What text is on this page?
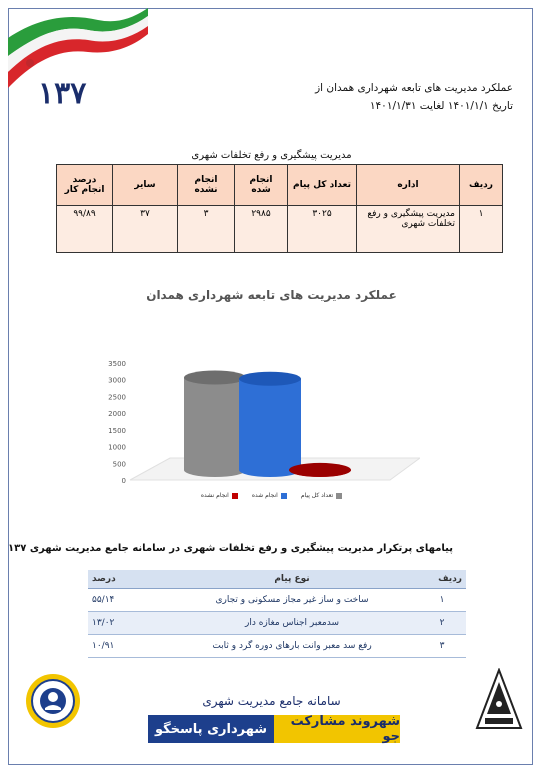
۱۳۷	عملکرد مدیریت های تابعه شهرداری همدان از
تاریخ ۱۴۰۱/۱/۱ لغایت ۱۴۰۱/۱/۳۱
مدیریت پیشگیری و رفع تخلفات شهری
ردیف	اداره	تعداد کل پیام	انجام شده	انجام نشده	سایر	درصد انجام کار
۱	مدیریت پیشگیری و رفع تخلفات شهری	۳۰۲۵	۲۹۸۵	۳	۳۷	۹۹/۸۹
عملکرد مدیریت های تابعه شهرداری همدان
3500
3000
2500
2000
1500
1000
500
0
تعداد کل پیام
انجام شده
انجام نشده
پیامهای پرتکرار مدیریت پیشگیری و رفع تخلفات شهری در سامانه جامع مدیریت شهری ۱۳۷
ردیف	نوع پیام	درصد
۱	ساخت و ساز غیر مجاز مسکونی و تجاری	۵۵/۱۴
۲	سدمعبر اجناس مغازه دار	۱۳/۰۲
۳	رفع سد معبر وانت بارهای دوره گرد و ثابت	۱۰/۹۱
سامانه جامع مدیریت شهری
شهروند مشارکت جو
شهرداری پاسخگو
